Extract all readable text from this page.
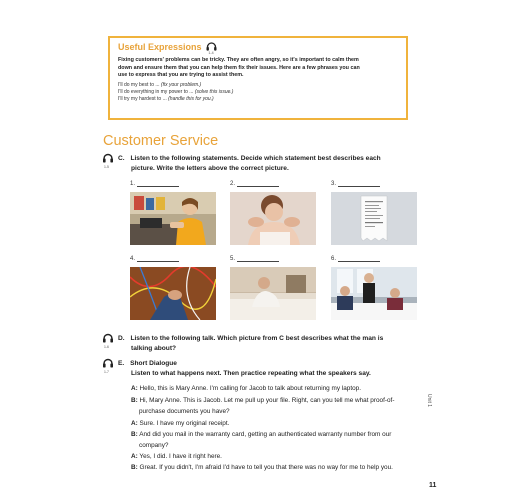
Useful Expressions
1-4
Fixing customers' problems can be tricky. They are often angry, so it's important to calm them
down and ensure them that you can help them fix their issues. Here are a few phrases you can
use to express that you are trying to assist them.
I'll do my best to ... (fix your problem.)
I'll do everything in my power to ... (solve this issue.)
I'll try my hardest to ... (handle this for you.)
Customer Service
1-5
C. Listen to the following statements. Decide which statement best describes each
picture. Write the letters above the correct picture.
1.	2.	3.
4.	5.	6.
1-6
D. Listen to the following talk. Which picture from C best describes what the man is
talking about?
1-7
E. Short Dialogue
Listen to what happens next. Then practice repeating what the speakers say.
A: Hello, this is Mary Anne. I'm calling for Jacob to talk about returning my laptop.
B: Hi, Mary Anne. This is Jacob. Let me pull up your file. Right, can you tell me what proof-of-
purchase documents you have?
A: Sure. I have my original receipt.
B: And did you mail in the warranty card, getting an authenticated warranty number from our
company?
A: Yes, I did. I have it right here.
B: Great. If you didn't, I'm afraid I'd have to tell you that there was no way for me to help you.
Unit 1
11
